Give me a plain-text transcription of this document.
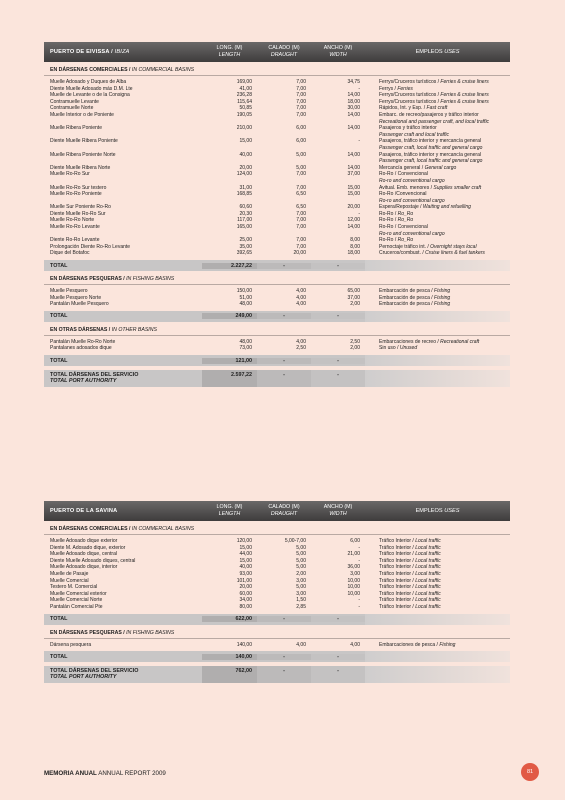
PUERTO DE EIVISSA / IBIZA
LONG. (M)
LENGTH
CALADO (M)
DRAUGHT
ANCHO (M)
WIDTH	EMPLEOS USES
EN DÁRSENAS COMERCIALES / IN COMMERCIAL BASINS
Muelle Adosado y Duques de Alba	169,00	7,00	34,75	Ferrys/Cruceros turísticos / Ferries & cruise liners
Diente Muelle Adosado más D.M. Lte	41,00	7,00	-	Ferrys / Ferries
Muelle de Levante o de la Consigna	236,28	7,00	14,00	Ferrys/Cruceros turísticos / Ferries & cruise liners
Contramuelle Levante	115,64	7,00	18,00	Ferrys/Cruceros turísticos / Ferries & cruise liners
Contramuelle Norte	50,85	7,00	30,00	Rápidos, Int. y Esp. / Fast craft
Muelle Interior o de Poniente	190,05	7,00	14,00	Embarc. de recreo/pasajeros y tráfico interior
Recreational and passenger craft, and local traffic
Muelle Ribera Poniente	210,00	6,00	14,00	Pasajeros y tráfico interior
Passenger craft and local traffic
Diente Muelle Ribera Poniente	15,00	6,00	-	Pasajeros, tráfico interior y mercancía general
Passenger craft, local traffic and general cargo
Muelle Ribera Poniente Norte	40,00	5,00	14,00	Pasajeros, tráfico interior y mercancía general
Passenger craft, local traffic and general cargo
Diente Muelle Ribera Norte	20,00	5,00	14,00	Mercancía general / General cargo
Muelle Ro-Ro Sur	124,00	7,00	37,00	Ro-Ro / Convencional
Ro-ro and conventional cargo
Muelle Ro-Ro Sur testero	31,00	7,00	15,00	Avitual. Emb. menores / Supplies smaller craft
Muelle Ro-Ro Poniente	168,85	6,50	15,00	Ro-Ro /Convencional
Ro-ro and conventional cargo
Muelle Sur Poniente Ro-Ro	60,60	6,50	20,00	Espera/Repostaje / Waiting and refuelling
Diente Muelle Ro-Ro Sur	20,30	7,00	-	Ro-Ro / Ro_Ro
Muelle Ro-Ro Norte	117,00	7,00	12,00	Ro-Ro / Ro_Ro
Muelle Ro-Ro Levante	165,00	7,00	14,00	Ro-Ro / Convencional
Ro-ro and conventional cargo
Diente Ro-Ro Levante	25,00	7,00	8,00	Ro-Ro / Ro_Ro
Prolongación Diente Ro-Ro Levante	35,00	7,00	8,00	Pernoctaje tráfico int. / Overnight stays local
Dique del Botafoc	392,65	20,00	18,00	Cruceros/combust. / Cruise liners & fuel tankers
TOTAL	2.227,22	-	-
EN DÁRSENAS PESQUERAS / IN FISHING BASINS
Muelle Pesquero	150,00	4,00	65,00	Embarcación de pesca / Fishing
Muelle Pesquero Norte	51,00	4,00	37,00	Embarcación de pesca / Fishing
Pantalán Muelle Pesquero	48,00	4,00	2,00	Embarcación de pesca / Fishing
TOTAL	249,00	-	-
EN OTRAS DÁRSENAS / IN OTHER BASINS
Pantalán Muelle Ro-Ro Norte	48,00	4,00	2,50	Embarcaciones de recreo / Recreational craft
Pantalanes adosados dique	73,00	2,50	2,00	Sin uso / Unused
TOTAL	121,00	-	-
TOTAL DÁRSENAS DEL SERVICIO
TOTAL PORT AUTHORITY
2.597,22	-	-
PUERTO DE LA SAVINA
LONG. (M)
LENGTH
CALADO (M)
DRAUGHT
ANCHO (M)
WIDTH	EMPLEOS USES
EN DÁRSENAS COMERCIALES / IN COMMERCIAL BASINS
Muelle Adosado dique exterior	120,00	5,00-7,00	6,00	Tráfico Interior / Local traffic
Diente M. Adosado dique, exterior	15,00	5,00	-	Tráfico Interior / Local traffic
Muelle Adosado dique, central	44,00	5,00	21,00	Tráfico Interior / Local traffic
Diente Muelle Adosado diques, central	15,00	5,00	-	Tráfico Interior / Local traffic
Muelle Adosado dique, interior	40,00	5,00	36,00	Tráfico Interior / Local traffic
Muelle de Pasaje	93,00	2,00	3,00	Tráfico Interior / Local traffic
Muelle Comercial	101,00	3,00	10,00	Tráfico Interior / Local traffic
Testero M. Comercial	20,00	5,00	10,00	Tráfico Interior / Local traffic
Muelle Comercial exterior	60,00	3,00	10,00	Tráfico Interior / Local traffic
Muelle Comercial Norte	34,00	1,50	-	Tráfico Interior / Local traffic
Pantalán Comercial Pte	80,00	2,85	-	Tráfico Interior / Local traffic
TOTAL	622,00	-	-
EN DÁRSENAS PESQUERAS / IN FISHING BASINS
Dársena pesquera	140,00	4,00	4,00	Embarcaciones de pesca / Fishing
TOTAL	140,00	-	-
TOTAL DÁRSENAS DEL SERVICIO
TOTAL PORT AUTHORITY
762,00	-	-
MEMORIA ANUAL ANNUAL REPORT 2009	81
